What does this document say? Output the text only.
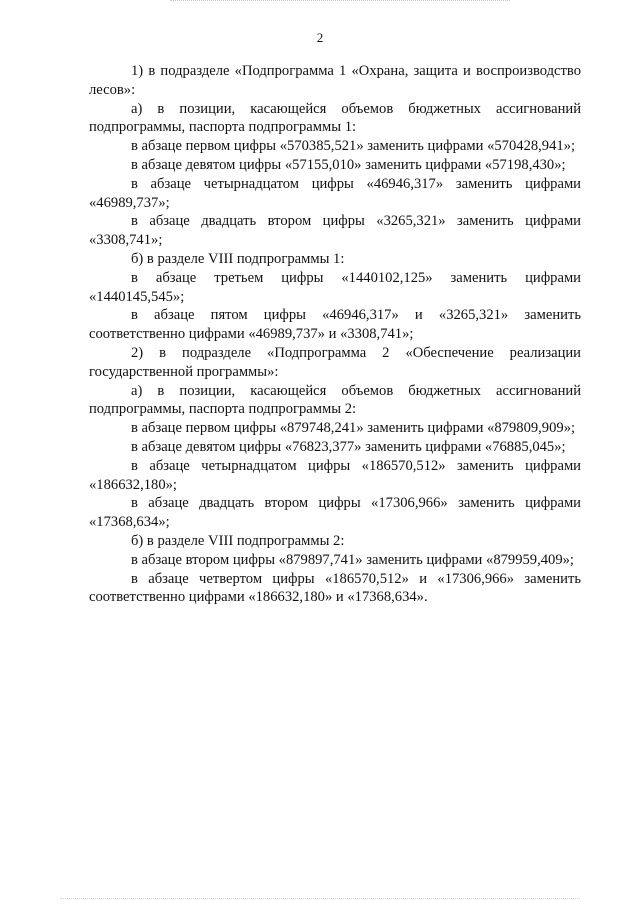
2

1) в подразделе «Подпрограмма 1 «Охрана, защита и воспроизводство лесов»:

а) в позиции, касающейся объемов бюджетных ассигнований подпрограммы, паспорта подпрограммы 1:

в абзаце первом цифры «570385,521» заменить цифрами «570428,941»;

в абзаце девятом цифры «57155,010» заменить цифрами «57198,430»;

в абзаце четырнадцатом цифры «46946,317» заменить цифрами «46989,737»;

в абзаце двадцать втором цифры «3265,321» заменить цифрами «3308,741»;

б) в разделе VIII подпрограммы 1:

в абзаце третьем цифры «1440102,125» заменить цифрами «1440145,545»;

в абзаце пятом цифры «46946,317» и «3265,321» заменить соответственно цифрами «46989,737» и «3308,741»;

2) в подразделе «Подпрограмма 2 «Обеспечение реализации государственной программы»:

а) в позиции, касающейся объемов бюджетных ассигнований подпрограммы, паспорта подпрограммы 2:

в абзаце первом цифры «879748,241» заменить цифрами «879809,909»;

в абзаце девятом цифры «76823,377» заменить цифрами «76885,045»;

в абзаце четырнадцатом цифры «186570,512» заменить цифрами «186632,180»;

в абзаце двадцать втором цифры «17306,966» заменить цифрами «17368,634»;

б) в разделе VIII подпрограммы 2:

в абзаце втором цифры «879897,741» заменить цифрами «879959,409»;

в абзаце четвертом цифры «186570,512» и «17306,966» заменить соответственно цифрами «186632,180» и «17368,634».
